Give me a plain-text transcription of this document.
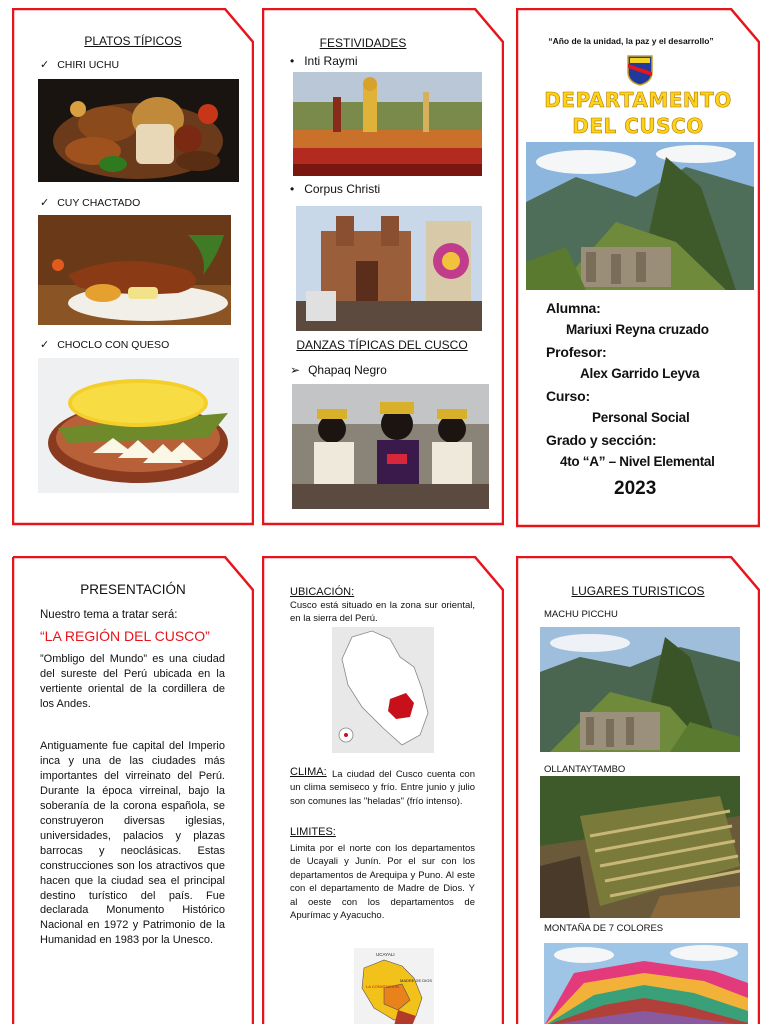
PLATOS TÍPICOS
✓ CHIRI UCHU
✓ CUY CHACTADO
✓ CHOCLO CON QUESO
FESTIVIDADES
• Inti Raymi
• Corpus Christi
DANZAS TÍPICAS DEL CUSCO
➢ Qhapaq Negro
“Año de la unidad, la paz y el desarrollo”
DEPARTAMENTO
DEL CUSCO
Alumna:
Mariuxi Reyna cruzado
Profesor:
Alex Garrido Leyva
Curso:
Personal Social
Grado y sección:
4to “A” – Nivel Elemental
2023
PRESENTACIÓN
Nuestro tema a tratar será:
“LA REGIÓN DEL CUSCO”
”Ombligo del Mundo” es una ciudad del sureste del Perú ubicada en la vertiente oriental de la cordillera de los Andes.
Antiguamente fue capital del Imperio inca y una de las ciudades más importantes del virreinato del Perú. Durante la época virreinal, bajo la soberanía de la corona española, se construyeron diversas iglesias, universidades, palacios y plazas barrocas y neoclásicas. Estas construcciones son los atractivos que hacen que la ciudad sea el principal destino turístico del país. Fue declarada Monumento Histórico Nacional en 1972 y Patrimonio de la Humanidad en 1983 por la Unesco.
UBICACIÓN:
Cusco está situado en la zona sur oriental, en la sierra del Perú.
CLIMA: La ciudad del Cusco cuenta con un clima semiseco y frío. Entre junio y julio son comunes las "heladas" (frío intenso).
LIMITES:
Limita por el norte con los departamentos de Ucayali y Junín. Por el sur con los departamentos de Arequipa y Puno. Al este con el departamento de Madre de Dios. Y al oeste con los departamentos de Apurímac y Ayacucho.
UCAYALI
MADRE DE DIOS
LA CONVENCION
LUGARES TURISTICOS
MACHU PICCHU
OLLANTAYTAMBO
MONTAÑA DE 7 COLORES
